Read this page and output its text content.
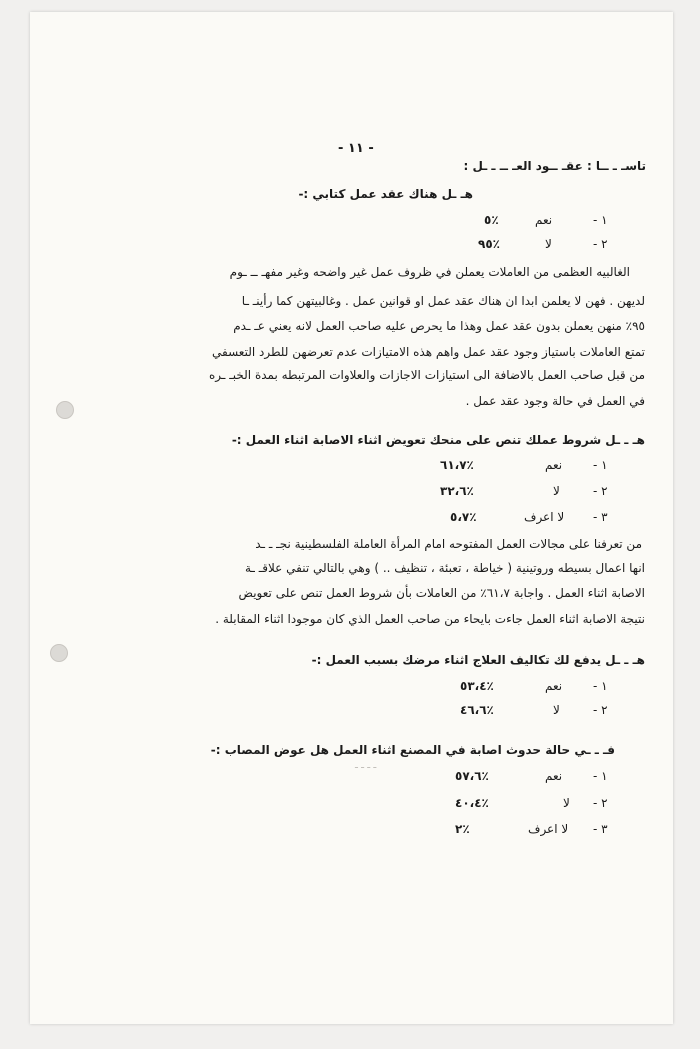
- ١١ -
تاسـ ـ ــا : عقـ ــود العـ ــ ـ ـل :
هـ ـل هناك عقد عمل كتابي :-
١ -
نعم
٪٥
٢ -
لا
٪٩٥
الغالبيه العظمى من العاملات يعملن في ظروف عمل غير واضحه وغير مفهـ ــ ـوم
لديهن . فهن لا يعلمن ابدا ان هناك عقد عمل او قوانين عمل . وغالبيتهن كما رأينـ ـا
٩٥٪ منهن يعملن بدون عقد عمل وهذا ما يحرص عليه صاحب العمل لانه يعني عـ ـدم
تمتع العاملات باستياز وجود عقد عمل واهم هذه الامتيازات عدم تعرضهن للطرد التعسفي
من قبل صاحب العمل بالاضافة الى استيازات الاجازات والعلاوات المرتبطه بمدة الخبـ ـره
في العمل في حالة وجود عقد عمل .
هـ ـ ـل شروط عملك تنص على منحك تعويض اثناء الاصابة اثناء العمل :-
١ -
نعم
٪٦١،٧
٢ -
لا
٪٣٢،٦
٣ -
لا اعرف
٪٥،٧
من تعرفنا على مجالات العمل المفتوحه امام المرأة العاملة الفلسطينية نجـ ـ ـد
انها اعمال بسيطه وروتينية ( خياطة ، تعبئة ، تنظيف .. ) وهي بالتالي تنفي علاقـ ـة
الاصابة اثناء العمل . واجابة ٦١،٧٪ من العاملات بأن شروط العمل تنص على تعويض
نتيجة الاصابة اثناء العمل جاءت بايحاء من صاحب العمل الذي كان موجودا اثناء المقابلة .
هـ ـ ـل يدفع لك تكاليف العلاج اثناء مرضك بسبب العمل :-
١ -
نعم
٪٥٣،٤
٢ -
لا
٪٤٦،٦
فـ ـ ـي حالة حدوث اصابة في المصنع اثناء العمل هل عوض المصاب :-
ـ ـ ـ ـ
١ -
نعم
٪٥٧،٦
٢ -
لا
٪٤٠،٤
٣ -
لا اعرف
٪٢
